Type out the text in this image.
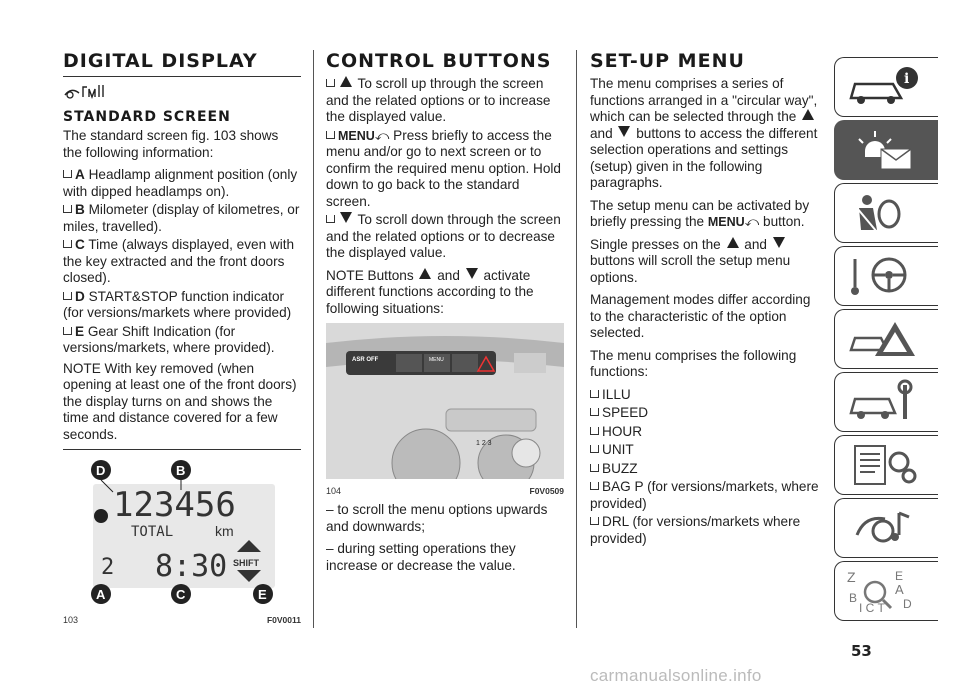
DIGITAL DISPLAY
STANDARD SCREEN

The standard screen fig. 103 shows the following information:

A Headlamp alignment position (only with dipped headlamps on).
B Milometer (display of kilometres, or miles, travelled).
C Time (always displayed, even with the key extracted and the front doors closed).
D START&STOP function indicator (for versions/markets where provided)
E Gear Shift Indication (for versions/markets, where provided).

NOTE With key removed (when opening at least one of the front doors) the display turns on and shows the time and distance covered for a few seconds.

123456
TOTAL	km
2 8:30 SHIFT
D	B
A	C	E
103	F0V0011
CONTROL BUTTONS
To scroll up through the screen and the related options or to increase the displayed value.
MENU⤺ Press briefly to access the menu and/or go to next screen or to confirm the required menu option. Hold down to go back to the standard screen.
To scroll down through the screen and the related options or to decrease the displayed value.

NOTE Buttons and activate different functions according to the following situations:

ASR OFF	MENU
1 2 3
104	F0V0509

– to scroll the menu options upwards and downwards;

– during setting operations they increase or decrease the value.

SET-UP MENU

The menu comprises a series of functions arranged in a "circular way", which can be selected through the  and buttons to access the different selection operations and settings (setup) given in the following paragraphs.

The setup menu can be activated by briefly pressing the MENU⤺ button.

Single presses on the and  buttons will scroll the setup menu options.

Management modes differ according to the characteristic of the option selected.

The menu comprises the following functions:

ILLU
SPEED
HOUR
UNIT
BUZZ
BAG P (for versions/markets, where provided)
DRL (for versions/markets where provided)
i
Z	E
A
B	D
I C T
53
carmanualsonline.info
